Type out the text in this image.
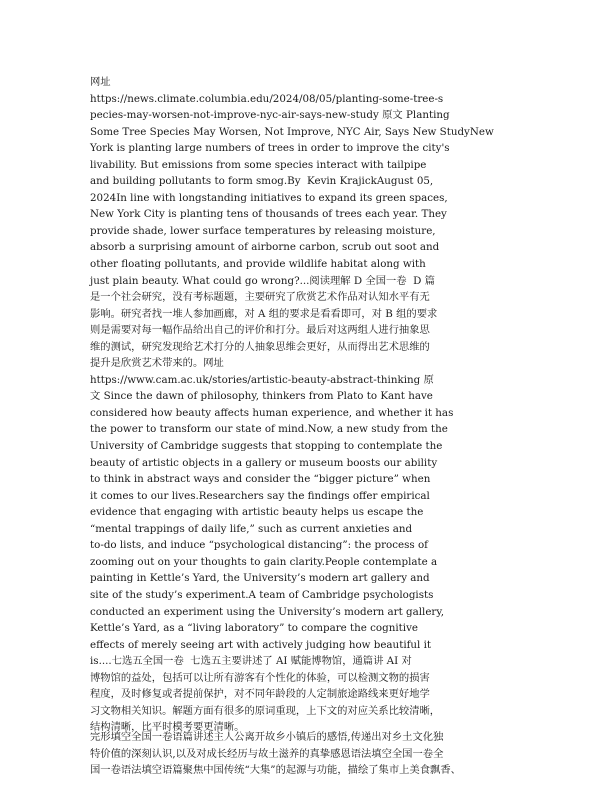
网址
https://news.climate.columbia.edu/2024/08/05/planting-some-tree-s
pecies-may-worsen-not-improve-nyc-air-says-new-study 原文 Planting
Some Tree Species May Worsen, Not Improve, NYC Air, Says New StudyNew
York is planting large numbers of trees in order to improve the city's
livability. But emissions from some species interact with tailpipe
and building pollutants to form smog.By  Kevin KrajickAugust 05,
2024In line with longstanding initiatives to expand its green spaces,
New York City is planting tens of thousands of trees each year. They
provide shade, lower surface temperatures by releasing moisture,
absorb a surprising amount of airborne carbon, scrub out soot and
other floating pollutants, and provide wildlife habitat along with
just plain beauty. What could go wrong?...阅读理解 D 全国一卷  D 篇
是一个社会研究，没有考标题题，主要研究了欣赏艺术作品对认知水平有无
影响。研究者找一堆人参加画廊，对 A 组的要求是看看即可，对 B 组的要求
则是需要对每一幅作品给出自己的评价和打分。最后对这两组人进行抽象思
维的测试，研究发现给艺术打分的人抽象思维会更好，从而得出艺术思维的
提升是欣赏艺术带来的。网址
https://www.cam.ac.uk/stories/artistic-beauty-abstract-thinking 原
文 Since the dawn of philosophy, thinkers from Plato to Kant have
considered how beauty affects human experience, and whether it has
the power to transform our state of mind.Now, a new study from the
University of Cambridge suggests that stopping to contemplate the
beauty of artistic objects in a gallery or museum boosts our ability
to think in abstract ways and consider the “bigger picture” when
it comes to our lives.Researchers say the findings offer empirical
evidence that engaging with artistic beauty helps us escape the
“mental trappings of daily life,” such as current anxieties and
to-do lists, and induce “psychological distancing”: the process of
zooming out on your thoughts to gain clarity.People contemplate a
painting in Kettle’s Yard, the University’s modern art gallery and
site of the study’s experiment.A team of Cambridge psychologists
conducted an experiment using the University’s modern art gallery,
Kettle’s Yard, as a “living laboratory” to compare the cognitive
effects of merely seeing art with actively judging how beautiful it
is....七选五全国一卷  七选五主要讲述了 AI 赋能博物馆，通篇讲 AI 对
博物馆的益处，包括可以让所有游客有个性化的体验，可以检测文物的损害
程度，及时修复或者提前保护，对不同年龄段的人定制旅途路线来更好地学
习文物相关知识。解题方面有很多的原词重现，上下文的对应关系比较清晰，
结构清晰，比平时模考要更清晰。
完形填空全国一卷语篇讲述主人公离开故乡小镇后的感悟,传递出对乡土文化独
特价值的深刻认识,以及对成长经历与故土滋养的真挚感恩语法填空全国一卷全
国一卷语法填空语篇聚焦中国传统“大集”的起源与功能，描绘了集市上美食飘香、
